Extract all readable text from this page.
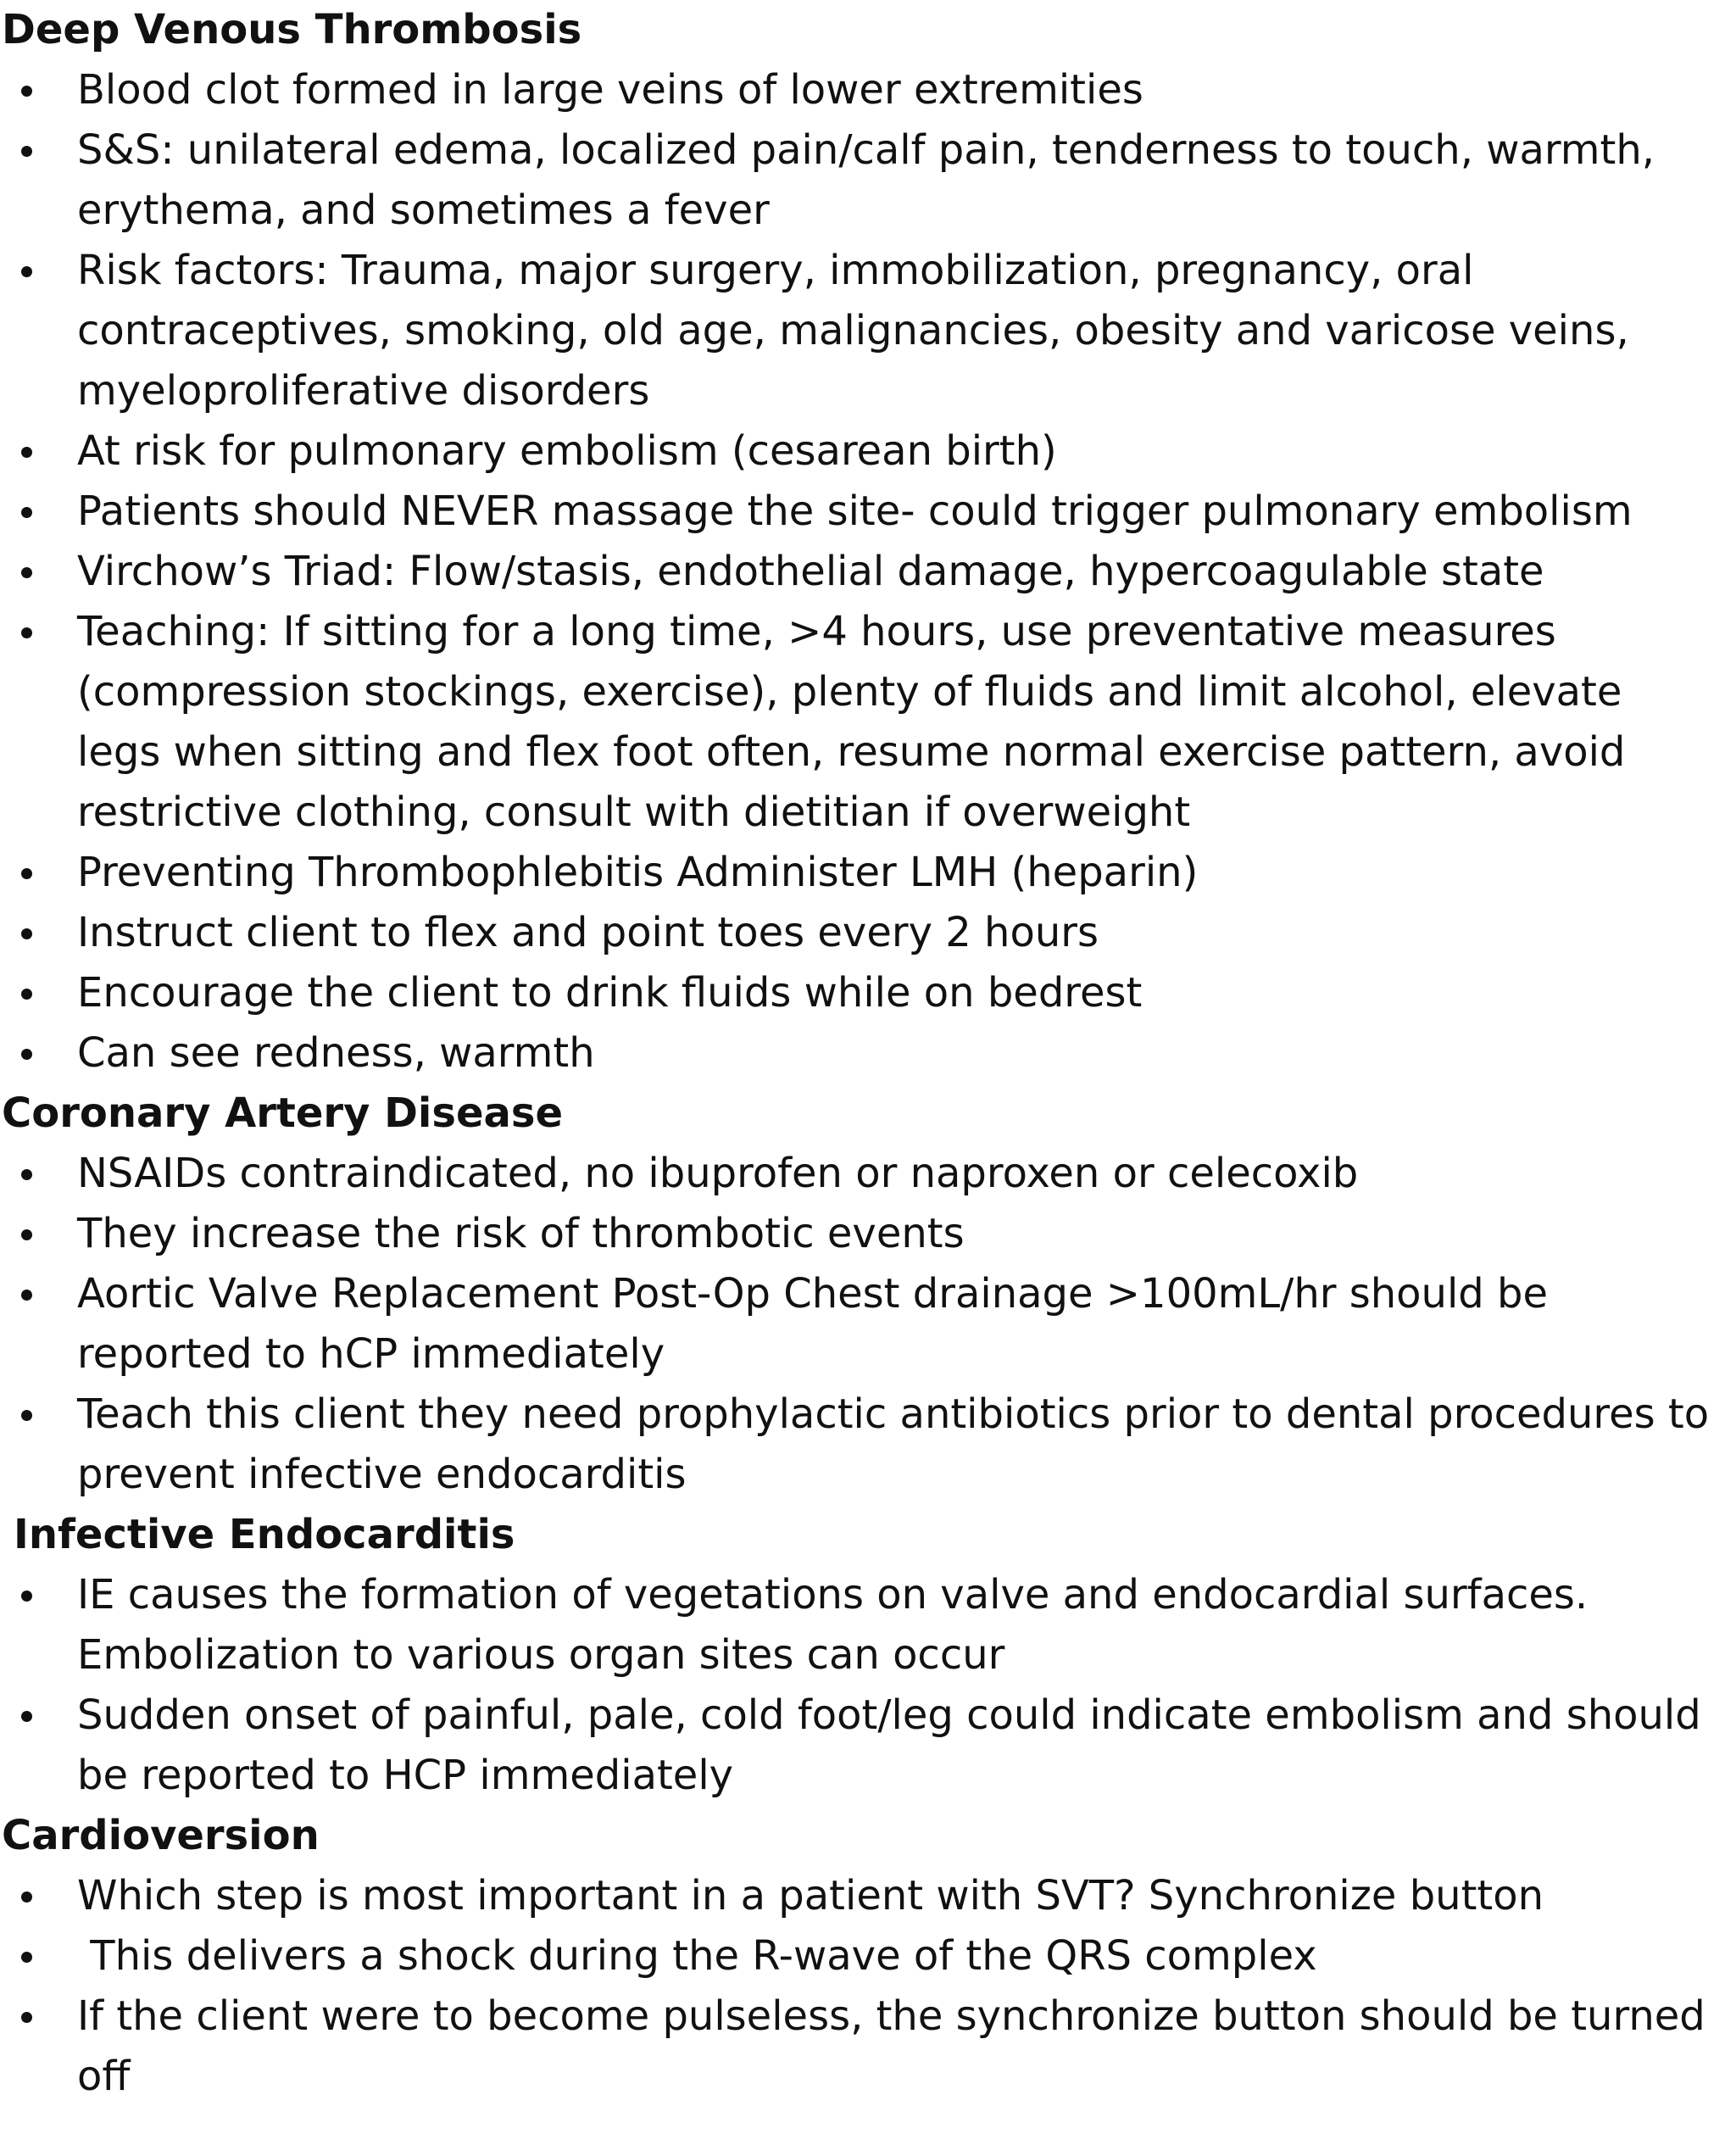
Deep Venous Thrombosis
Blood clot formed in large veins of lower extremities
S&S: unilateral edema, localized pain/calf pain, tenderness to touch, warmth, erythema, and sometimes a fever
Risk factors: Trauma, major surgery, immobilization, pregnancy, oral contraceptives, smoking, old age, malignancies, obesity and varicose veins, myeloproliferative disorders
At risk for pulmonary embolism (cesarean birth)
Patients should NEVER massage the site- could trigger pulmonary embolism
Virchow’s Triad: Flow/stasis, endothelial damage, hypercoagulable state
Teaching: If sitting for a long time, >4 hours, use preventative measures (compression stockings, exercise), plenty of fluids and limit alcohol, elevate legs when sitting and flex foot often, resume normal exercise pattern, avoid restrictive clothing, consult with dietitian if overweight
Preventing Thrombophlebitis Administer LMH (heparin)
Instruct client to flex and point toes every 2 hours
Encourage the client to drink fluids while on bedrest
Can see redness, warmth
Coronary Artery Disease
NSAIDs contraindicated, no ibuprofen or naproxen or celecoxib
They increase the risk of thrombotic events
Aortic Valve Replacement Post-Op Chest drainage >100mL/hr should be reported to hCP immediately
Teach this client they need prophylactic antibiotics prior to dental procedures to prevent infective endocarditis
Infective Endocarditis
IE causes the formation of vegetations on valve and endocardial surfaces. Embolization to various organ sites can occur
Sudden onset of painful, pale, cold foot/leg could indicate embolism and should be reported to HCP immediately
Cardioversion
Which step is most important in a patient with SVT? Synchronize button
This delivers a shock during the R-wave of the QRS complex
If the client were to become pulseless, the synchronize button should be turned off
